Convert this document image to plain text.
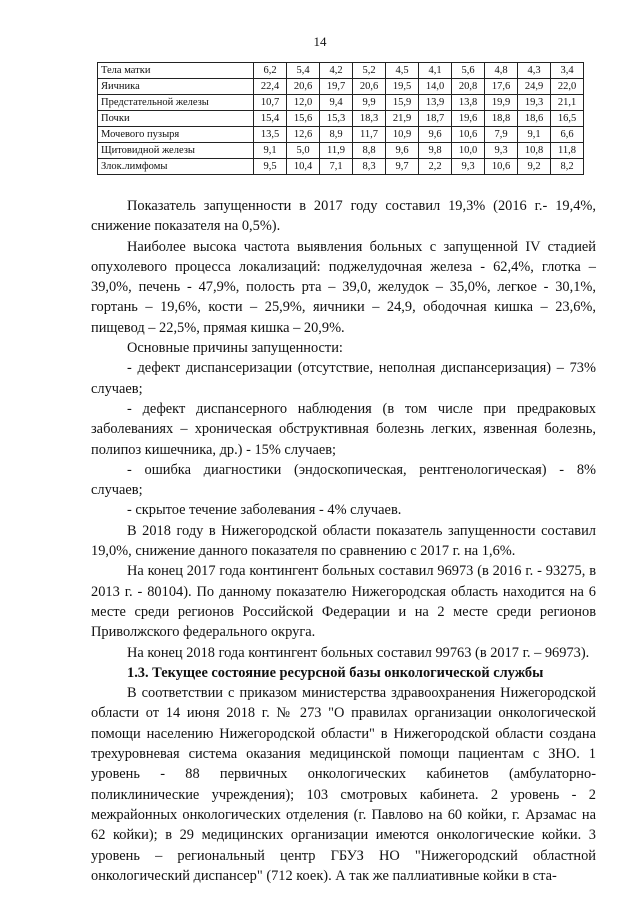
14
Тела матки	6,2	5,4	4,2	5,2	4,5	4,1	5,6	4,8	4,3	3,4
Яичника	22,4	20,6	19,7	20,6	19,5	14,0	20,8	17,6	24,9	22,0
Предстательной железы	10,7	12,0	9,4	9,9	15,9	13,9	13,8	19,9	19,3	21,1
Почки	15,4	15,6	15,3	18,3	21,9	18,7	19,6	18,8	18,6	16,5
Мочевого пузыря	13,5	12,6	8,9	11,7	10,9	9,6	10,6	7,9	9,1	6,6
Щитовидной железы	9,1	5,0	11,9	8,8	9,6	9,8	10,0	9,3	10,8	11,8
Злок.лимфомы	9,5	10,4	7,1	8,3	9,7	2,2	9,3	10,6	9,2	8,2

Показатель запущенности в 2017 году составил 19,3% (2016 г.- 19,4%, снижение показателя на 0,5%).

Наиболее высока частота выявления больных с запущенной IV стадией опухолевого процесса локализаций: поджелудочная железа - 62,4%, глотка – 39,0%, печень - 47,9%, полость рта – 39,0, желудок – 35,0%, легкое - 30,1%, гортань – 19,6%, кости – 25,9%, яичники – 24,9, ободочная кишка – 23,6%, пищевод – 22,5%, прямая кишка – 20,9%.

Основные причины запущенности:

- дефект диспансеризации (отсутствие, неполная диспансеризация) – 73% случаев;

- дефект диспансерного наблюдения (в том числе при предраковых заболеваниях – хроническая обструктивная болезнь легких, язвенная болезнь, полипоз кишечника, др.) - 15% случаев;

- ошибка диагностики (эндоскопическая, рентгенологическая) - 8% случаев;

- скрытое течение заболевания - 4% случаев.

В 2018 году в Нижегородской области показатель запущенности составил 19,0%, снижение данного показателя по сравнению с 2017 г. на 1,6%.

На конец 2017 года контингент больных составил 96973 (в 2016 г. - 93275, в 2013 г. - 80104). По данному показателю Нижегородская область находится на 6 месте среди регионов Российской Федерации и на 2 месте среди регионов Приволжского федерального округа.

На конец 2018 года контингент больных составил 99763 (в 2017 г. – 96973).

1.3. Текущее состояние ресурсной базы онкологической службы

В соответствии с приказом министерства здравоохранения Нижегородской области от 14 июня 2018 г. № 273 "О правилах организации онкологической помощи населению Нижегородской области" в Нижегородской области создана трехуровневая система оказания медицинской помощи пациентам с ЗНО. 1 уровень - 88 первичных онкологических кабинетов (амбулаторно-поликлинические учреждения); 103 смотровых кабинета. 2 уровень - 2 межрайонных онкологических отделения (г. Павлово на 60 койки, г. Арзамас на 62 койки); в 29 медицинских организации имеются онкологические койки. 3 уровень – региональный центр ГБУЗ НО "Нижегородский областной онкологический диспансер" (712 коек). А так же паллиативные койки в ста-
